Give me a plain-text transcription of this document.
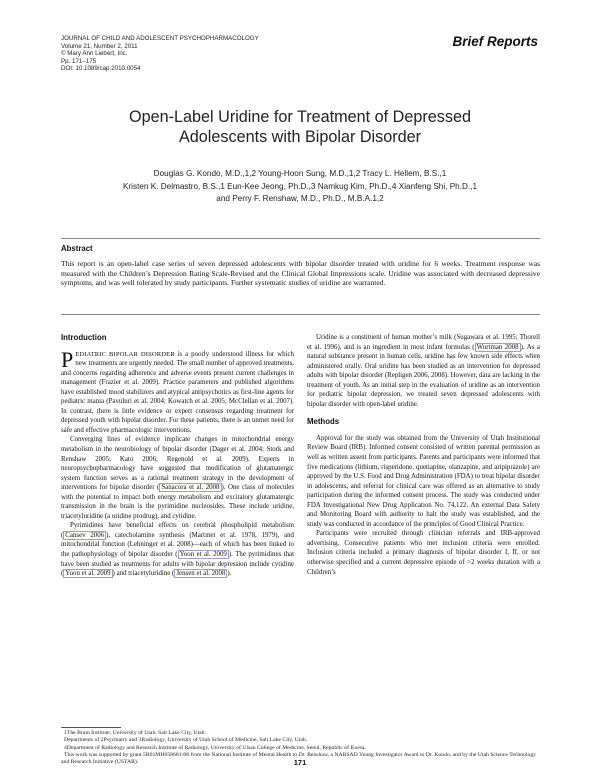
JOURNAL OF CHILD AND ADOLESCENT PSYCHOPHARMACOLOGY
Volume 21, Number 2, 2011
© Mary Ann Liebert, Inc.
Pp. 171–175
DOI: 10.1089/cap.2010.0054
Brief Reports
Open-Label Uridine for Treatment of Depressed
Adolescents with Bipolar Disorder
Douglas G. Kondo, M.D.,1,2 Young-Hoon Sung, M.D.,1,2 Tracy L. Hellem, B.S.,1
Kristen K. Delmastro, B.S.,1 Eun-Kee Jeong, Ph.D.,3 Namkug Kim, Ph.D.,4 Xianfeng Shi, Ph.D.,1
and Perry F. Renshaw, M.D., Ph.D., M.B.A.1,2
Abstract
This report is an open-label case series of seven depressed adolescents with bipolar disorder treated with uridine for 6 weeks. Treatment response was measured with the Children’s Depression Rating Scale-Revised and the Clinical Global Impressions scale. Uridine was associated with decreased depressive symptoms, and was well tolerated by study participants. Further systematic studies of uridine are warranted.
Introduction

PEDIATRIC BIPOLAR DISORDER is a poorly understood illness for which new treatments are urgently needed. The small number of approved treatments, and concerns regarding adherence and adverse events present current challenges in management (Frazier et al. 2009). Practice parameters and published algorithms have established mood stabilizers and atypical antipsychotics as first-line agents for pediatric mania (Pavuluri et al. 2004; Kowatch et al. 2005; McClellan et al. 2007). In contrast, there is little evidence or expert consensus regarding treatment for depressed youth with bipolar disorder. For these patients, there is an unmet need for safe and effective pharmacologic interventions.

Converging lines of evidence implicate changes in mitochondrial energy metabolism in the neurobiology of bipolar disorder (Dager et al. 2004; Stork and Renshaw 2005; Kato 2006; Regenold et al. 2009). Experts in neuropsychopharmacology have suggested that modification of glutamatergic system function serves as a rational treatment strategy in the development of interventions for bipolar disorder ( Sanacora et al. 2008 ). One class of molecules with the potential to impact both energy metabolism and excitatory glutamatergic transmission in the brain is the pyrimidine nucleosides. These include uridine, triacetyluridine (a uridine prodrug), and cytidine.

Pyrimidines have beneficial effects on cerebral phospholipid metabolism ( Cansev 2006 ), catecholamine synthesis (Martinet et al. 1978, 1979), and mitochondrial function (Lehninger et al. 2008)—each of which has been linked to the pathophysiology of bipolar disorder ( Yoon et al. 2009 ). The pyrimidines that have been studied as treatments for adults with bipolar depression include cytidine ( Yoon et al. 2009 ) and triacetyluridine ( Jensen et al. 2008 ).

Uridine is a constituent of human mother’s milk (Sugawara et al. 1995; Thorell et al. 1996), and is an ingredient in most infant formulas ( Wurtman 2008 ). As a natural substance present in human cells, uridine has few known side effects when administered orally. Oral uridine has been studied as an intervention for depressed adults with bipolar disorder (Repligen 2006, 2008). However, data are lacking in the treatment of youth. As an initial step in the evaluation of uridine as an intervention for pediatric bipolar depression, we treated seven depressed adolescents with bipolar disorder with open-label uridine.

Methods

Approval for the study was obtained from the University of Utah Institutional Review Board (IRB). Informed consent consisted of written parental permission as well as written assent from participants. Parents and participants were informed that five medications (lithium, risperidone, quetiapine, olanzapine, and aripiprazole) are approved by the U.S. Food and Drug Administration (FDA) to treat bipolar disorder in adolescents, and referral for clinical care was offered as an alternative to study participation during the informed consent process. The study was conducted under FDA Investigational New Drug Application No. 74,122. An external Data Safety and Monitoring Board with authority to halt the study was established, and the study was conducted in accordance of the principles of Good Clinical Practice.

Participants were recruited through clinician referrals and IRB-approved advertising. Consecutive patients who met inclusion criteria were enrolled. Inclusion criteria included a primary diagnosis of bipolar disorder I, II, or not otherwise specified and a current depressive episode of >2 weeks duration with a Children’s

1The Brain Institute, University of Utah, Salt Lake City, Utah.
Departments of 2Psychiatry and 3Radiology, University of Utah School of Medicine, Salt Lake City, Utah.
4Department of Radiology and Research Institute of Radiology, University of Ulsan College of Medicine, Seoul, Republic of Korea.
This work was supported by grant 5R01MH058681-08 from the National Institute of Mental Health to Dr. Renshaw, a NARSAD Young Investigator Award to Dr. Kondo, and by the Utah Science Technology and Research Initiative (USTAR).	171
